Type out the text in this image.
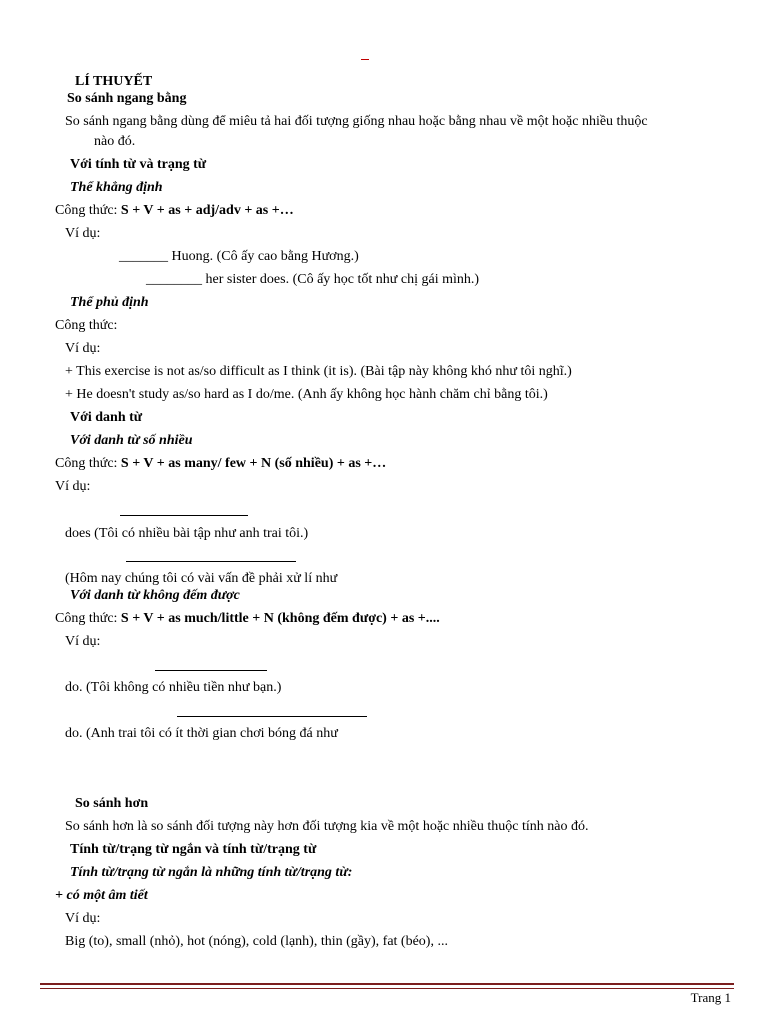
LÍ THUYẾT
So sánh ngang bằng
So sánh ngang bằng dùng để miêu tả hai đối tượng giống nhau hoặc bằng nhau về một hoặc nhiều thuộc
nào đó.
Với tính từ và trạng từ
Thể khẳng định
Công thức: S + V + as + adj/adv + as +…
Ví dụ:
_______ Huong. (Cô ấy cao bằng Hương.)
________ her sister does. (Cô ấy học tốt như chị gái mình.)
Thể phủ định
Công thức:
Ví dụ:
+ This exercise is not as/so difficult as I think (it is). (Bài tập này không khó như tôi nghĩ.)
+ He doesn't study as/so hard as I do/me. (Anh ấy không học hành chăm chỉ bằng tôi.)
Với danh từ
Với danh từ số nhiều
Công thức: S + V + as many/ few + N (số nhiều) + as +…
Ví dụ:
does (Tôi có nhiều bài tập như anh trai tôi.)
(Hôm nay chúng tôi có vài vấn đề phải xử lí như
Với danh từ không đếm được
Công thức: S + V + as much/little + N (không đếm được) + as +....
Ví dụ:
do. (Tôi không có nhiều tiền như bạn.)
do. (Anh trai tôi có ít thời gian chơi bóng đá như
So sánh hơn
So sánh hơn là so sánh đối tượng này hơn đối tượng kia về một hoặc nhiều thuộc tính nào đó.
Tính từ/trạng từ ngắn và tính từ/trạng từ
Tính từ/trạng từ ngắn là những tính từ/trạng từ:
+ có một âm tiết
Ví dụ:
Big (to), small (nhỏ), hot (nóng), cold (lạnh), thin (gầy), fat (béo), ...
Trang 1
